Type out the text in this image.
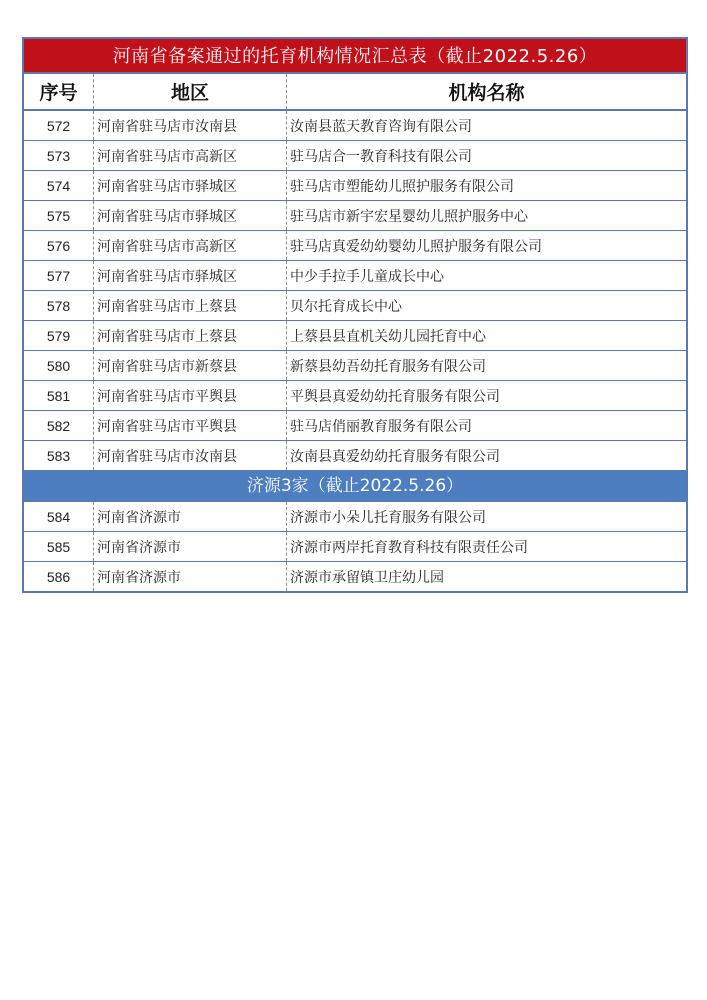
河南省备案通过的托育机构情况汇总表（截止2022.5.26）
序号	地区	机构名称
572	河南省驻马店市汝南县	汝南县蓝天教育咨询有限公司
573	河南省驻马店市高新区	驻马店合一教育科技有限公司
574	河南省驻马店市驿城区	驻马店市塑能幼儿照护服务有限公司
575	河南省驻马店市驿城区	驻马店市新宇宏星婴幼儿照护服务中心
576	河南省驻马店市高新区	驻马店真爱幼幼婴幼儿照护服务有限公司
577	河南省驻马店市驿城区	中少手拉手儿童成长中心
578	河南省驻马店市上蔡县	贝尔托育成长中心
579	河南省驻马店市上蔡县	上蔡县县直机关幼儿园托育中心
580	河南省驻马店市新蔡县	新蔡县幼吾幼托育服务有限公司
581	河南省驻马店市平舆县	平舆县真爱幼幼托育服务有限公司
582	河南省驻马店市平舆县	驻马店俏丽教育服务有限公司
583	河南省驻马店市汝南县	汝南县真爱幼幼托育服务有限公司
济源3家（截止2022.5.26）
584	河南省济源市	济源市小朵儿托育服务有限公司
585	河南省济源市	济源市两岸托育教育科技有限责任公司
586	河南省济源市	济源市承留镇卫庄幼儿园
